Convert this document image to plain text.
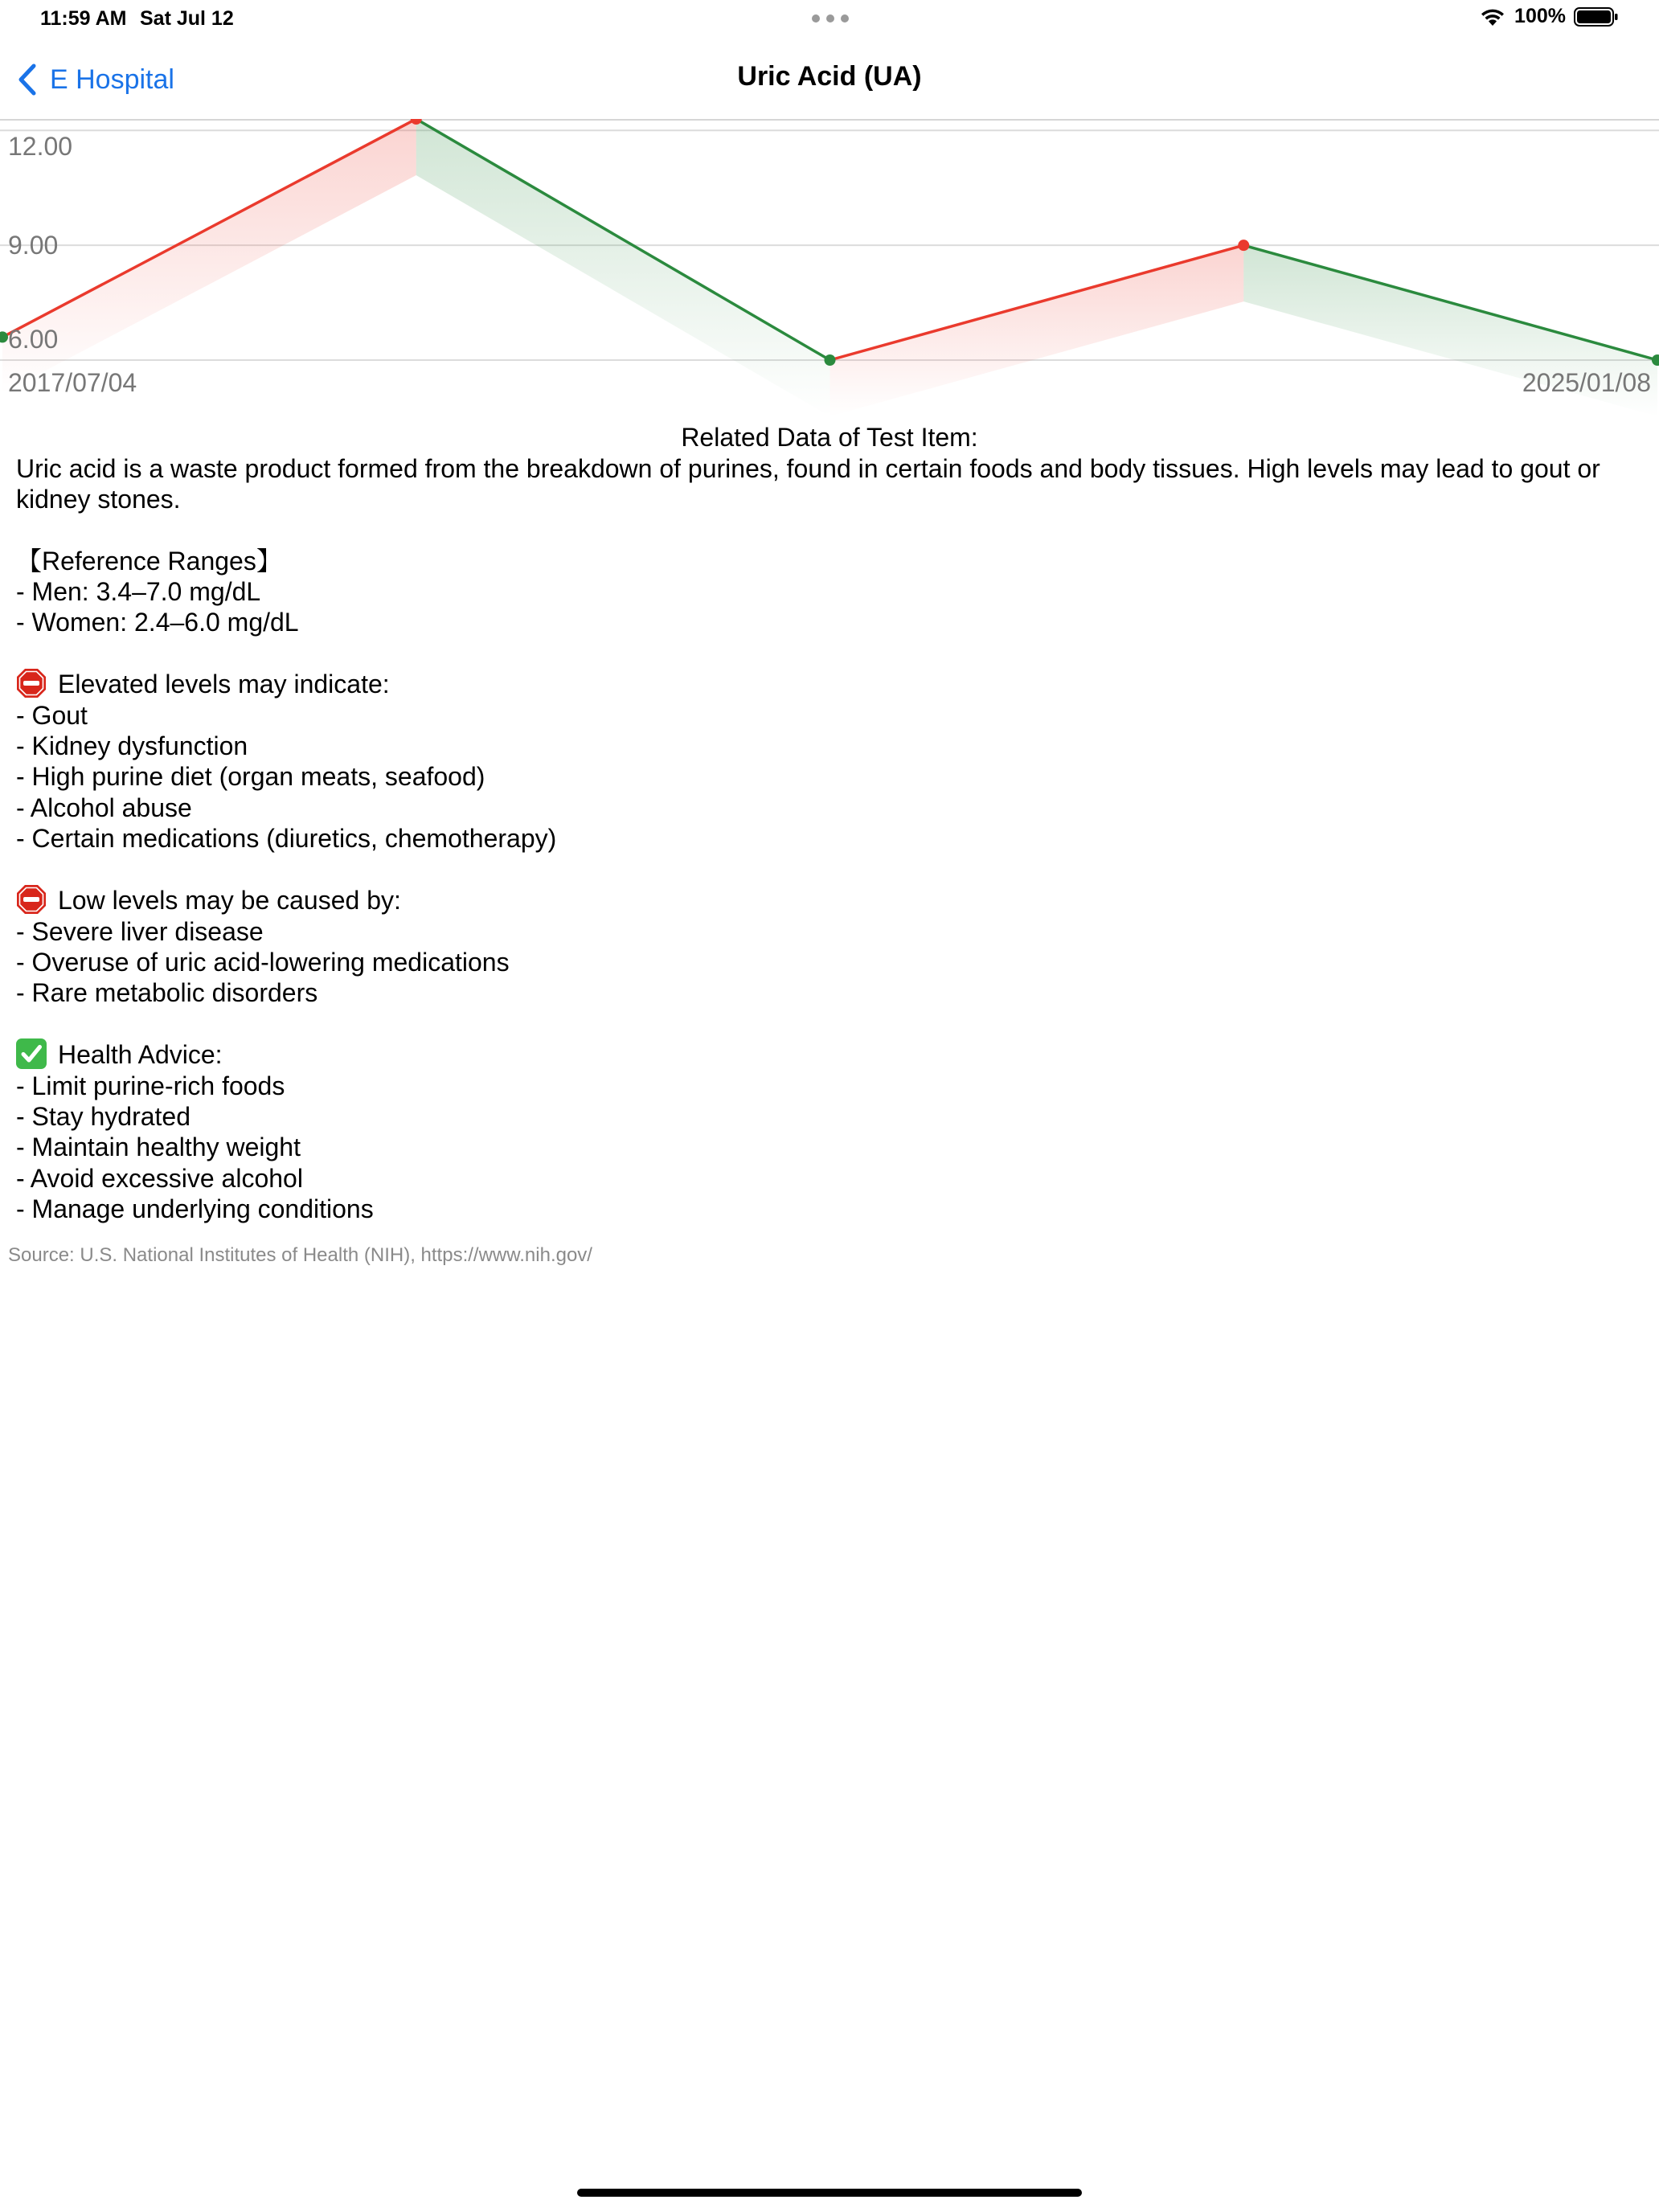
11:59 AM Sat Jul 12	100%
E Hospital	Uric Acid (UA)
12.00
9.00
6.00
2017/07/04	2025/01/08
Related Data of Test Item:

Uric acid is a waste product formed from the breakdown of purines, found in certain foods and body tissues. High levels may lead to gout or kidney stones.

【Reference Ranges】
- Men: 3.4–7.0 mg/dL
- Women: 2.4–6.0 mg/dL
Elevated levels may indicate:
- Gout
- Kidney dysfunction
- High purine diet (organ meats, seafood)
- Alcohol abuse
- Certain medications (diuretics, chemotherapy)
Low levels may be caused by:
- Severe liver disease
- Overuse of uric acid-lowering medications
- Rare metabolic disorders
Health Advice:
- Limit purine-rich foods
- Stay hydrated
- Maintain healthy weight
- Avoid excessive alcohol
- Manage underlying conditions
Source: U.S. National Institutes of Health (NIH), https://www.nih.gov/
